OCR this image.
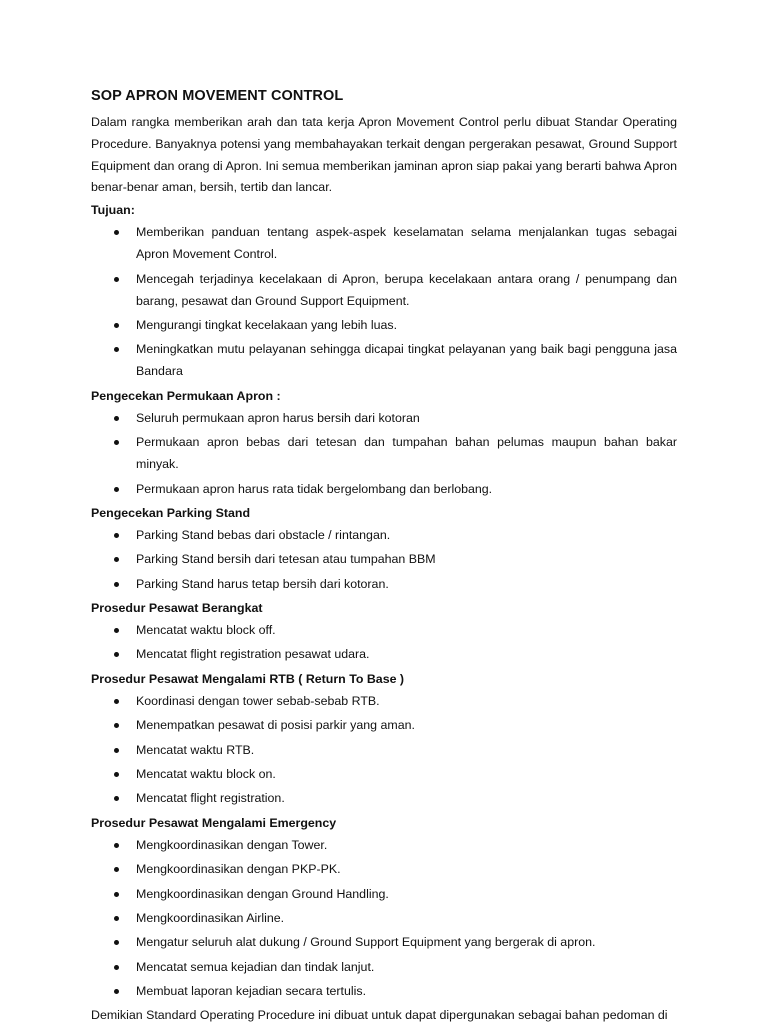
SOP APRON MOVEMENT CONTROL

Dalam rangka memberikan arah dan tata kerja Apron Movement Control perlu dibuat Standar Operating Procedure. Banyaknya potensi yang membahayakan terkait dengan pergerakan pesawat, Ground Support Equipment dan orang di Apron. Ini semua memberikan jaminan apron siap pakai yang berarti bahwa Apron benar-benar aman, bersih, tertib dan lancar.

Tujuan:
Memberikan panduan tentang aspek-aspek keselamatan selama menjalankan tugas sebagai Apron Movement Control.
Mencegah terjadinya kecelakaan di Apron, berupa kecelakaan antara orang / penumpang dan barang, pesawat dan Ground Support Equipment.
Mengurangi tingkat kecelakaan yang lebih luas.
Meningkatkan mutu pelayanan sehingga dicapai tingkat pelayanan yang baik bagi pengguna jasa Bandara
Pengecekan Permukaan Apron :
Seluruh permukaan apron harus bersih dari kotoran
Permukaan apron bebas dari tetesan dan tumpahan bahan pelumas maupun bahan bakar minyak.
Permukaan apron harus rata tidak bergelombang dan berlobang.
Pengecekan Parking Stand
Parking Stand bebas dari obstacle / rintangan.
Parking Stand bersih dari tetesan atau tumpahan BBM
Parking Stand harus tetap bersih dari kotoran.
Prosedur Pesawat Berangkat
Mencatat waktu block off.
Mencatat flight registration pesawat udara.
Prosedur Pesawat Mengalami RTB ( Return To Base )
Koordinasi dengan tower sebab-sebab RTB.
Menempatkan pesawat di posisi parkir yang aman.
Mencatat waktu RTB.
Mencatat waktu block on.
Mencatat flight registration.
Prosedur Pesawat Mengalami Emergency
Mengkoordinasikan dengan Tower.
Mengkoordinasikan dengan PKP-PK.
Mengkoordinasikan dengan Ground Handling.
Mengkoordinasikan Airline.
Mengatur seluruh alat dukung / Ground Support Equipment yang bergerak di apron.
Mencatat semua kejadian dan tindak lanjut.
Membuat laporan kejadian secara tertulis.

Demikian Standard Operating Procedure ini dibuat untuk dapat dipergunakan sebagai bahan pedoman di
